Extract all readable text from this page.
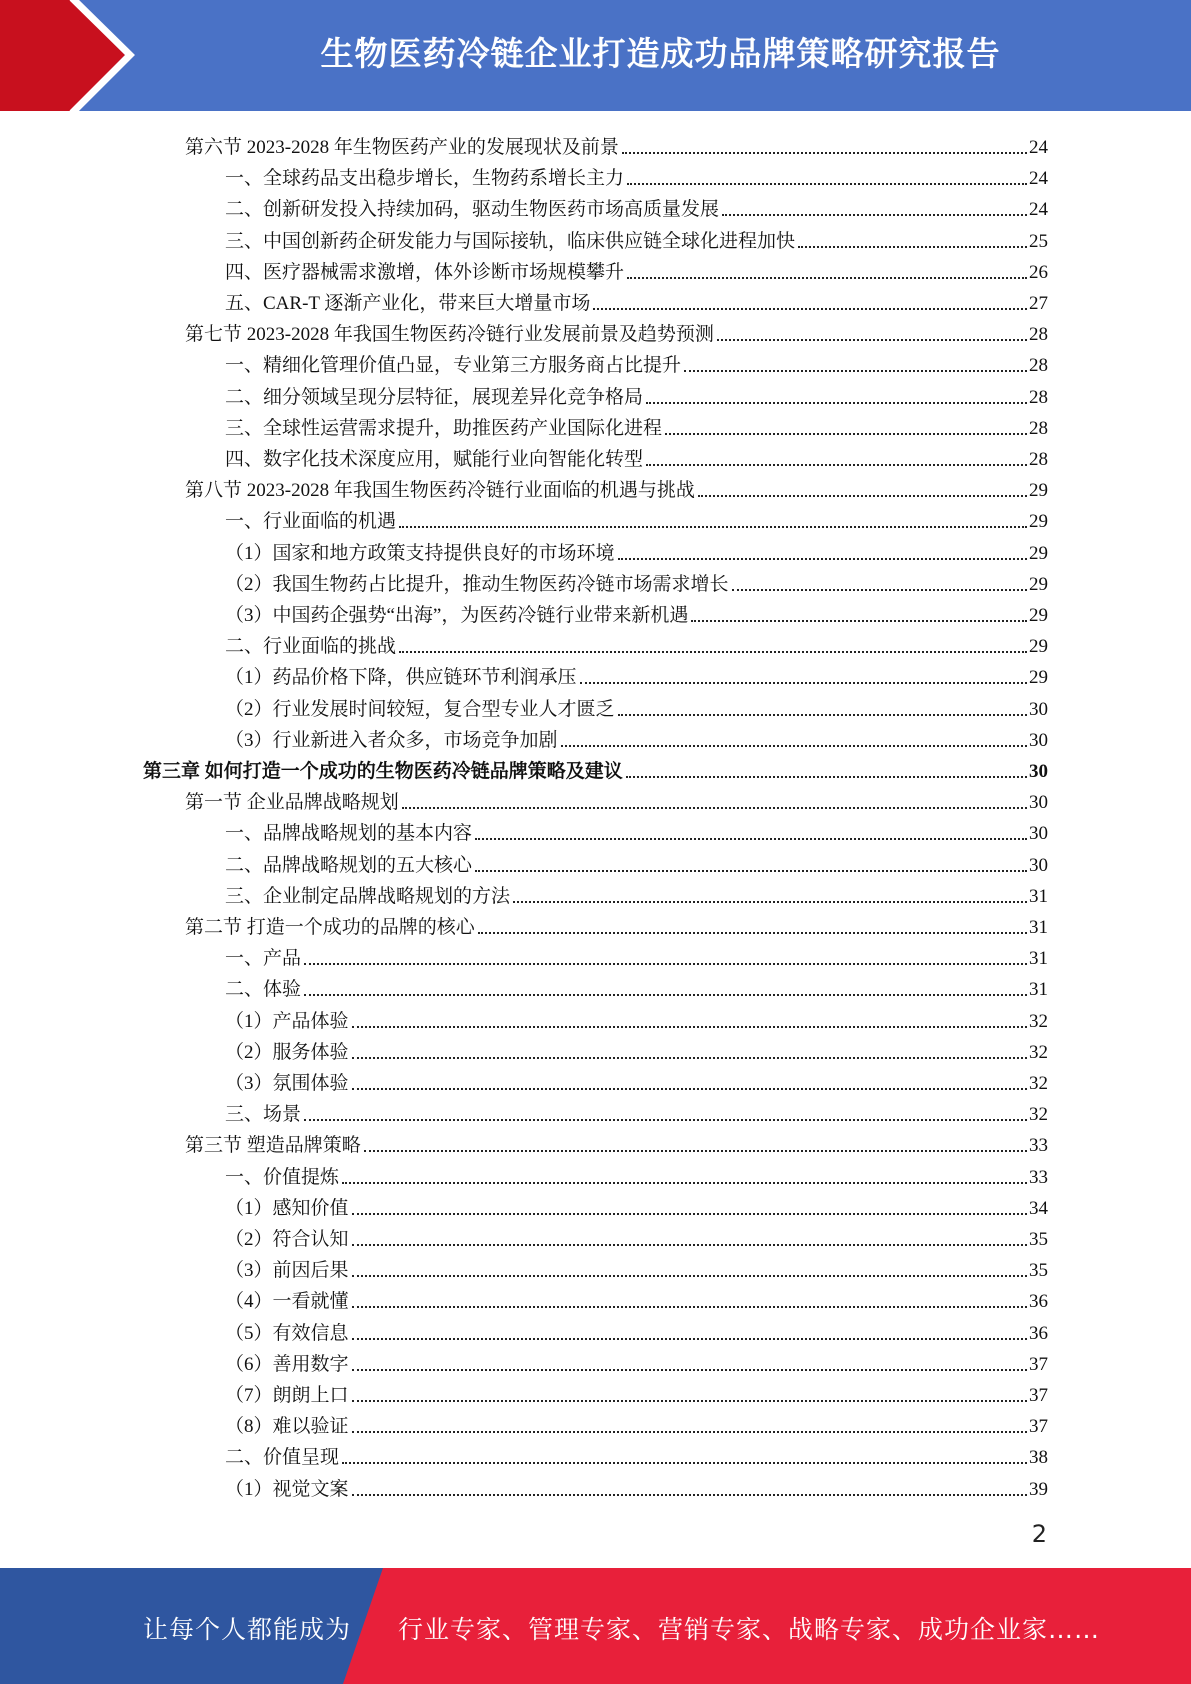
生物医药冷链企业打造成功品牌策略研究报告
第六节 2023-2028 年生物医药产业的发展现状及前景	24
一、全球药品支出稳步增长，生物药系增长主力	24
二、创新研发投入持续加码，驱动生物医药市场高质量发展	24
三、中国创新药企研发能力与国际接轨，临床供应链全球化进程加快	25
四、医疗器械需求激增，体外诊断市场规模攀升	26
五、CAR-T 逐渐产业化，带来巨大增量市场	27
第七节 2023-2028 年我国生物医药冷链行业发展前景及趋势预测	28
一、精细化管理价值凸显，专业第三方服务商占比提升	28
二、细分领域呈现分层特征，展现差异化竞争格局	28
三、全球性运营需求提升，助推医药产业国际化进程	28
四、数字化技术深度应用，赋能行业向智能化转型	28
第八节 2023-2028 年我国生物医药冷链行业面临的机遇与挑战	29
一、行业面临的机遇	29
（1）国家和地方政策支持提供良好的市场环境	29
（2）我国生物药占比提升，推动生物医药冷链市场需求增长	29
（3）中国药企强势“出海”，为医药冷链行业带来新机遇	29
二、行业面临的挑战	29
（1）药品价格下降，供应链环节利润承压	29
（2）行业发展时间较短，复合型专业人才匮乏	30
（3）行业新进入者众多，市场竞争加剧	30
第三章 如何打造一个成功的生物医药冷链品牌策略及建议	30
第一节 企业品牌战略规划	30
一、品牌战略规划的基本内容	30
二、品牌战略规划的五大核心	30
三、企业制定品牌战略规划的方法	31
第二节 打造一个成功的品牌的核心	31
一、产品	31
二、体验	31
（1）产品体验	32
（2）服务体验	32
（3）氛围体验	32
三、场景	32
第三节 塑造品牌策略	33
一、价值提炼	33
（1）感知价值	34
（2）符合认知	35
（3）前因后果	35
（4）一看就懂	36
（5）有效信息	36
（6）善用数字	37
（7）朗朗上口	37
（8）难以验证	37
二、价值呈现	38
（1）视觉文案	39
2
让每个人都能成为 行业专家、管理专家、营销专家、战略专家、成功企业家……
